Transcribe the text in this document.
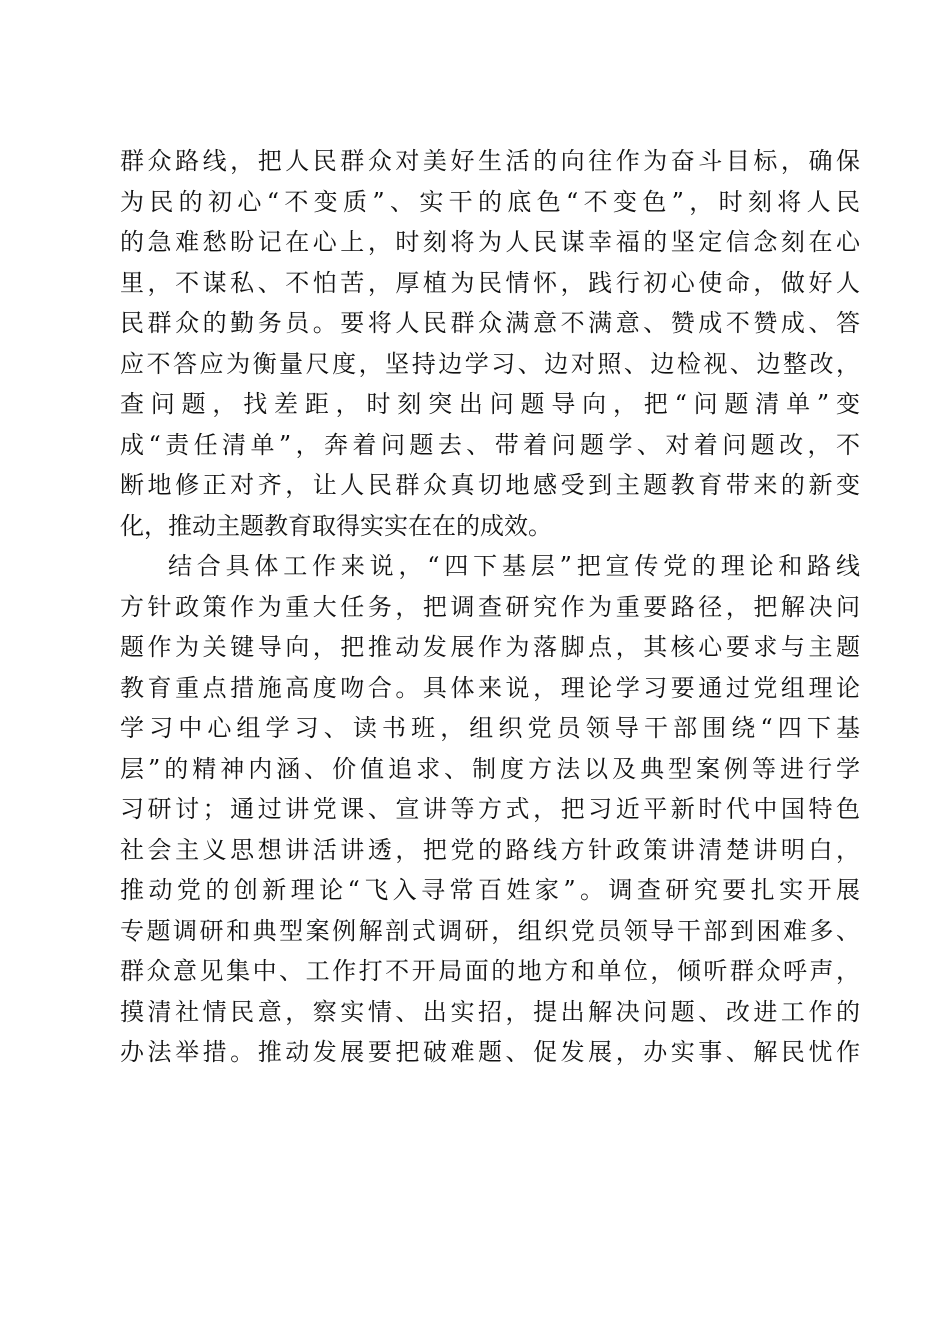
群众路线，把人民群众对美好生活的向往作为奋斗目标，确保
为民的初心“不变质”、实干的底色“不变色”，时刻将人民
的急难愁盼记在心上，时刻将为人民谋幸福的坚定信念刻在心
里，不谋私、不怕苦，厚植为民情怀，践行初心使命，做好人
民群众的勤务员。要将人民群众满意不满意、赞成不赞成、答
应不答应为衡量尺度，坚持边学习、边对照、边检视、边整改，
查问题，找差距，时刻突出问题导向，把“问题清单”变
成“责任清单”，奔着问题去、带着问题学、对着问题改，不
断地修正对齐，让人民群众真切地感受到主题教育带来的新变
化，推动主题教育取得实实在在的成效。
结合具体工作来说，“四下基层”把宣传党的理论和路线
方针政策作为重大任务，把调查研究作为重要路径，把解决问
题作为关键导向，把推动发展作为落脚点，其核心要求与主题
教育重点措施高度吻合。具体来说，理论学习要通过党组理论
学习中心组学习、读书班，组织党员领导干部围绕“四下基
层”的精神内涵、价值追求、制度方法以及典型案例等进行学
习研讨；通过讲党课、宣讲等方式，把习近平新时代中国特色
社会主义思想讲活讲透，把党的路线方针政策讲清楚讲明白，
推动党的创新理论“飞入寻常百姓家”。调查研究要扎实开展
专题调研和典型案例解剖式调研，组织党员领导干部到困难多、
群众意见集中、工作打不开局面的地方和单位，倾听群众呼声，
摸清社情民意，察实情、出实招，提出解决问题、改进工作的
办法举措。推动发展要把破难题、促发展，办实事、解民忧作
